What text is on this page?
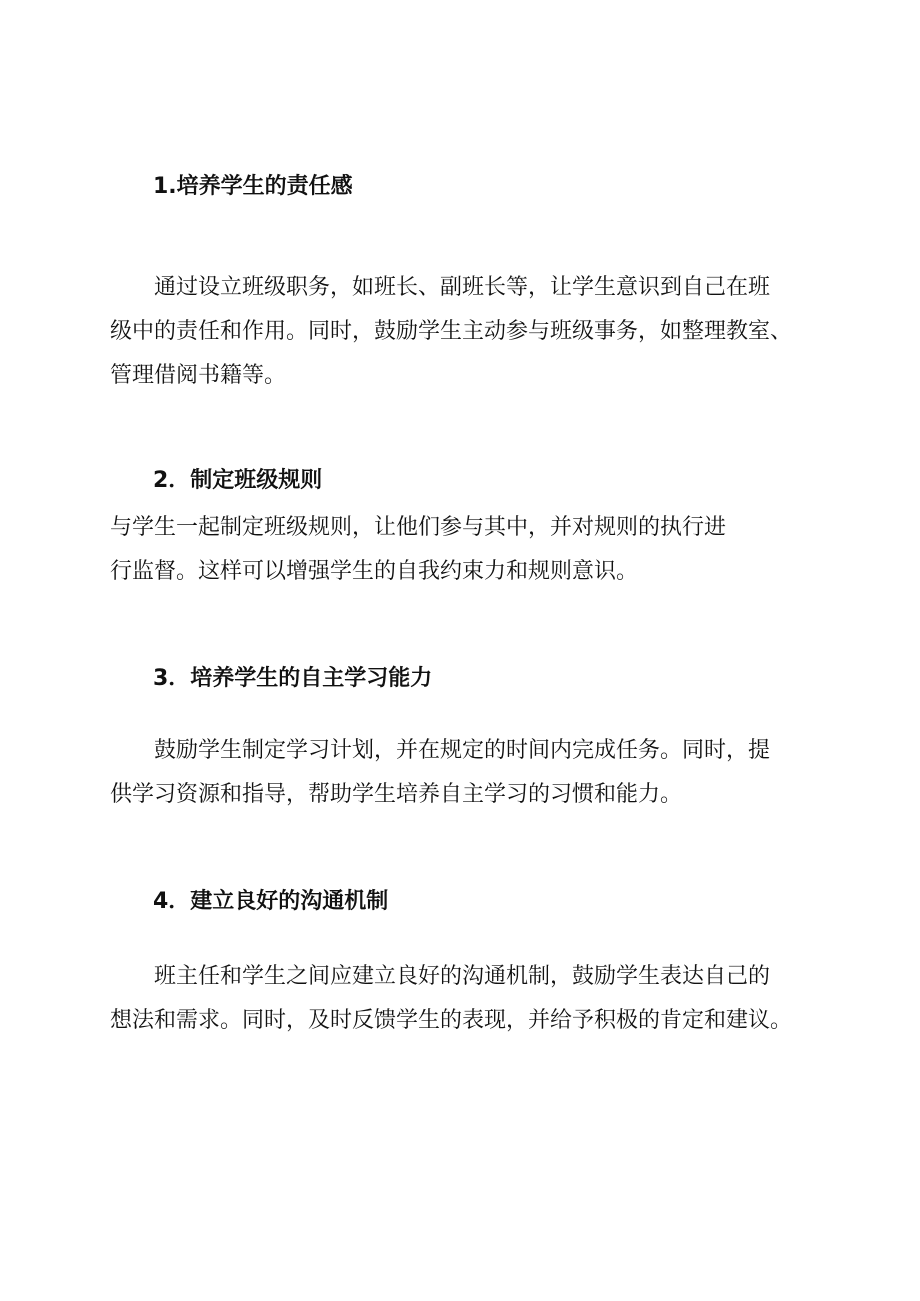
1.培养学生的责任感
通过设立班级职务，如班长、副班长等，让学生意识到自己在班
级中的责任和作用。同时，鼓励学生主动参与班级事务，如整理教室、
管理借阅书籍等。
2．制定班级规则
与学生一起制定班级规则，让他们参与其中，并对规则的执行进
行监督。这样可以增强学生的自我约束力和规则意识。
3．培养学生的自主学习能力
鼓励学生制定学习计划，并在规定的时间内完成任务。同时，提
供学习资源和指导，帮助学生培养自主学习的习惯和能力。
4．建立良好的沟通机制
班主任和学生之间应建立良好的沟通机制，鼓励学生表达自己的
想法和需求。同时，及时反馈学生的表现，并给予积极的肯定和建议。
